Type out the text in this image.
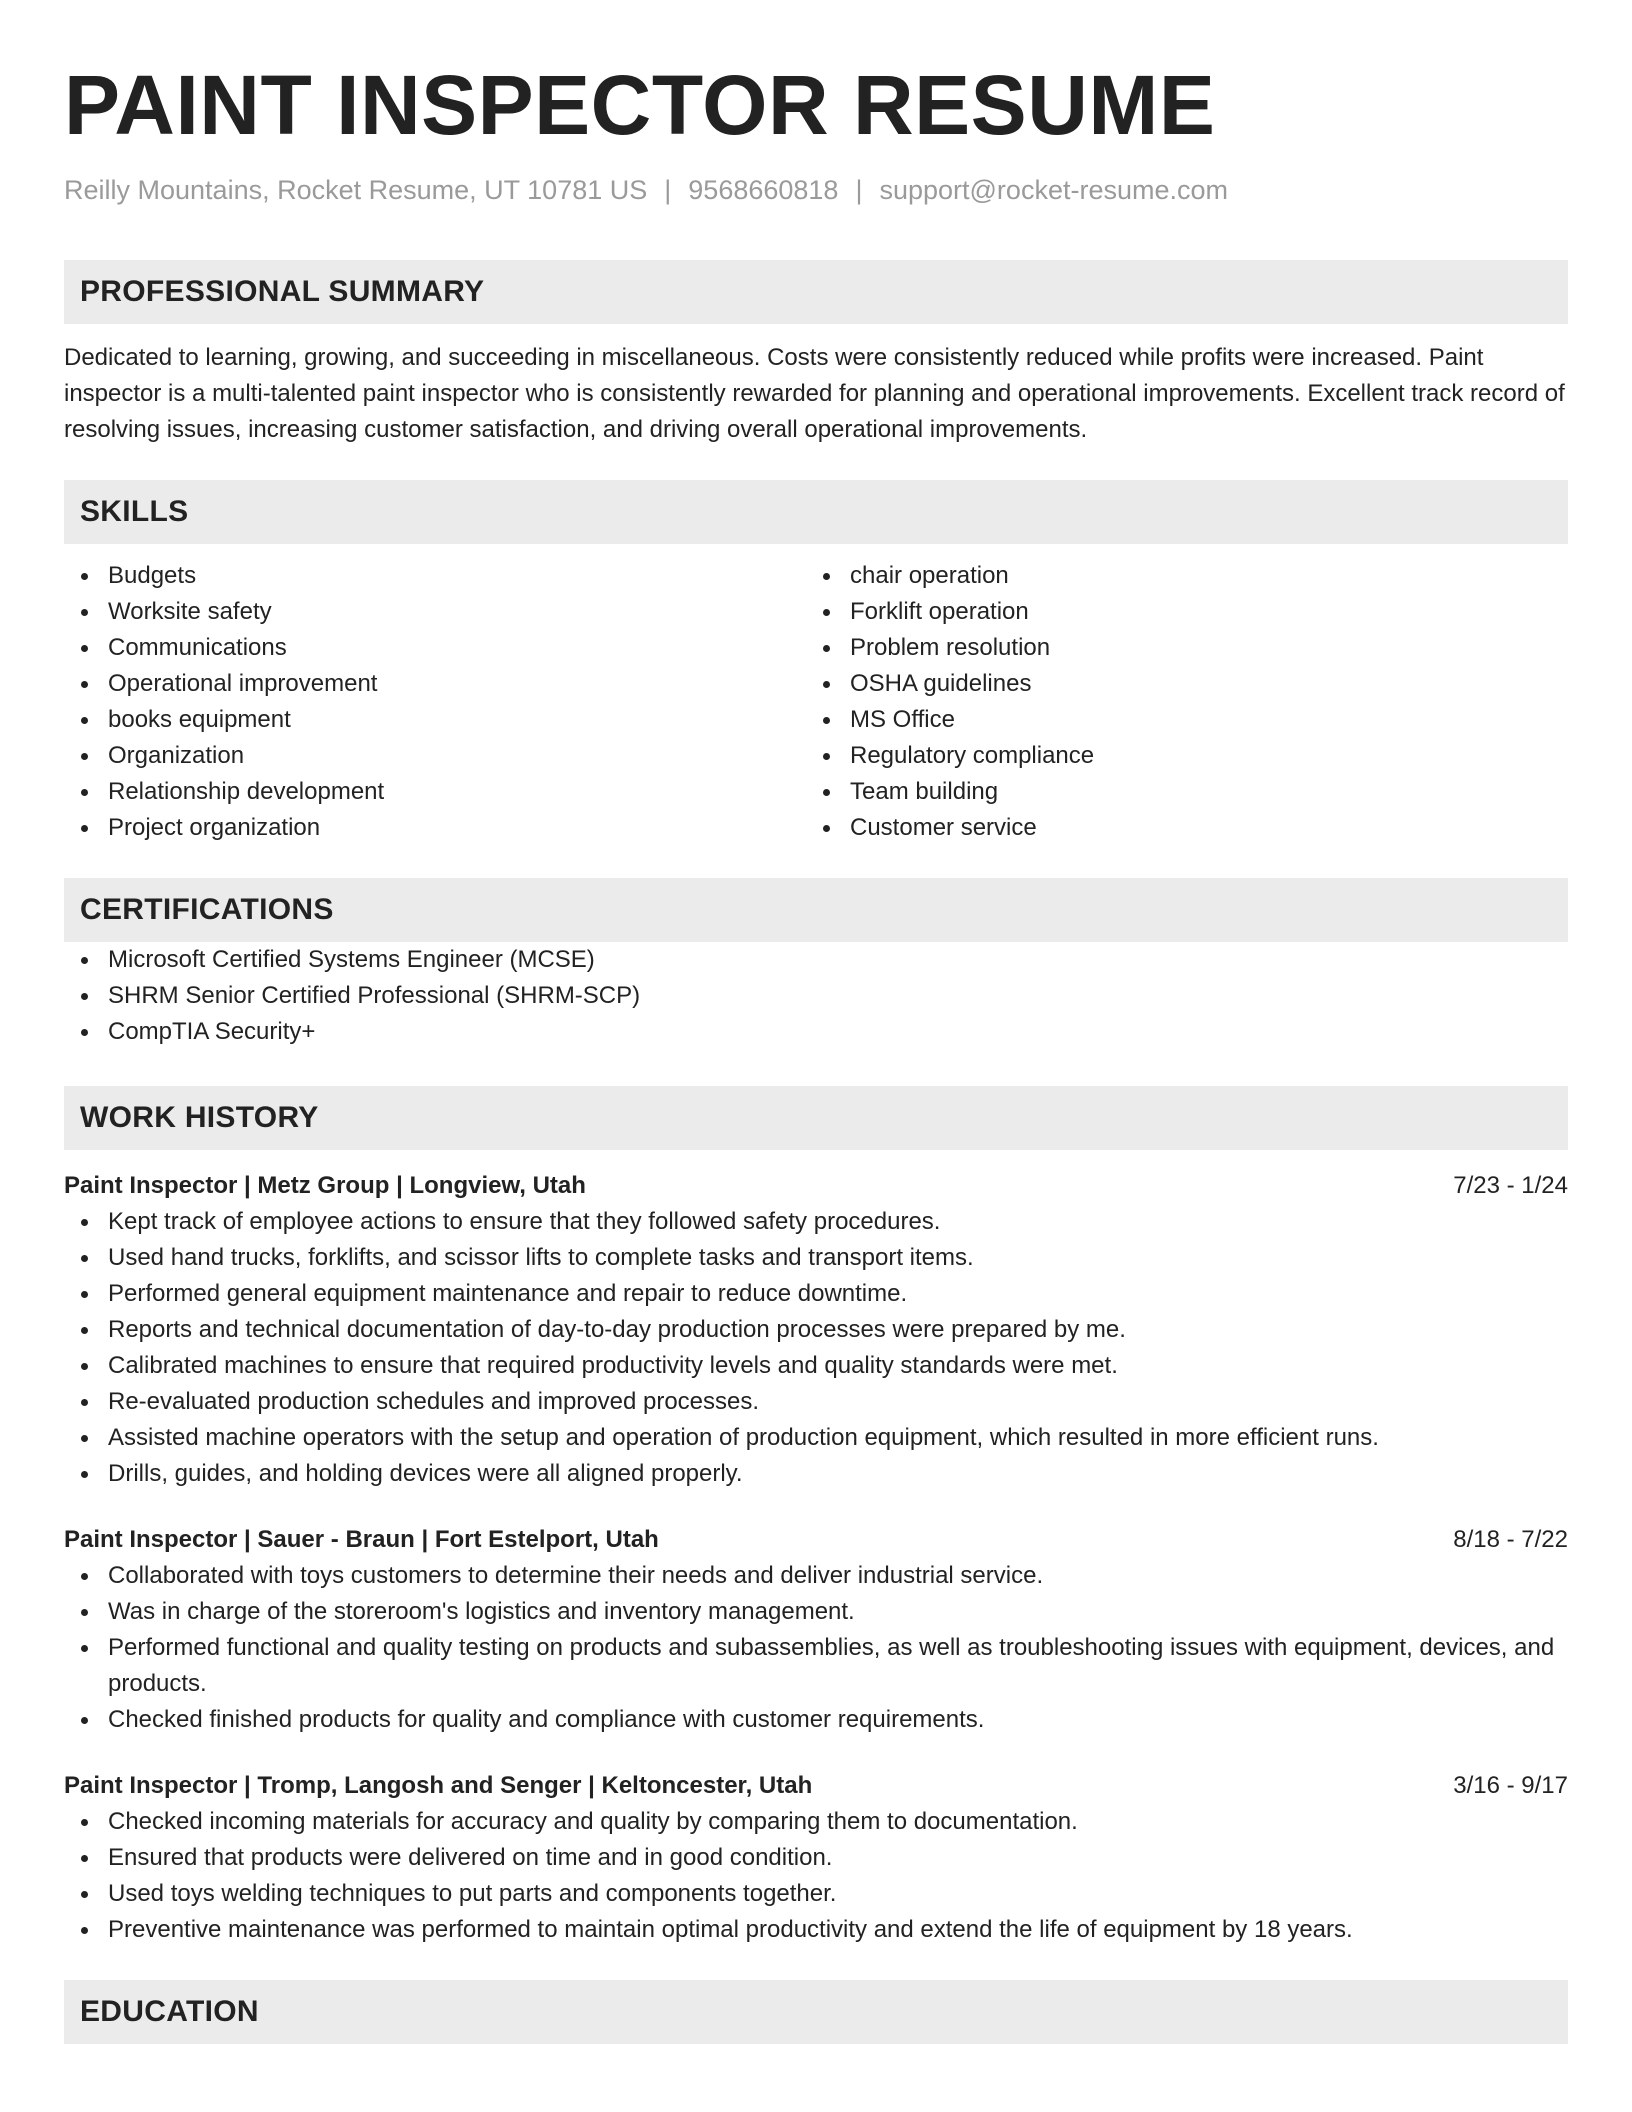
PAINT INSPECTOR RESUME
Reilly Mountains, Rocket Resume, UT 10781 US | 9568660818 | support@rocket-resume.com
PROFESSIONAL SUMMARY

Dedicated to learning, growing, and succeeding in miscellaneous. Costs were consistently reduced while profits were increased. Paint inspector is a multi-talented paint inspector who is consistently rewarded for planning and operational improvements. Excellent track record of resolving issues, increasing customer satisfaction, and driving overall operational improvements.

SKILLS
Budgets
Worksite safety
Communications
Operational improvement
books equipment
Organization
Relationship development
Project organization
chair operation
Forklift operation
Problem resolution
OSHA guidelines
MS Office
Regulatory compliance
Team building
Customer service
CERTIFICATIONS
Microsoft Certified Systems Engineer (MCSE)
SHRM Senior Certified Professional (SHRM-SCP)
CompTIA Security+
WORK HISTORY
Paint Inspector | Metz Group | Longview, Utah	7/23 - 1/24
Kept track of employee actions to ensure that they followed safety procedures.
Used hand trucks, forklifts, and scissor lifts to complete tasks and transport items.
Performed general equipment maintenance and repair to reduce downtime.
Reports and technical documentation of day-to-day production processes were prepared by me.
Calibrated machines to ensure that required productivity levels and quality standards were met.
Re-evaluated production schedules and improved processes.
Assisted machine operators with the setup and operation of production equipment, which resulted in more efficient runs.
Drills, guides, and holding devices were all aligned properly.
Paint Inspector | Sauer - Braun | Fort Estelport, Utah	8/18 - 7/22
Collaborated with toys customers to determine their needs and deliver industrial service.
Was in charge of the storeroom's logistics and inventory management.
Performed functional and quality testing on products and subassemblies, as well as troubleshooting issues with equipment, devices, and products.
Checked finished products for quality and compliance with customer requirements.
Paint Inspector | Tromp, Langosh and Senger | Keltoncester, Utah	3/16 - 9/17
Checked incoming materials for accuracy and quality by comparing them to documentation.
Ensured that products were delivered on time and in good condition.
Used toys welding techniques to put parts and components together.
Preventive maintenance was performed to maintain optimal productivity and extend the life of equipment by 18 years.
EDUCATION
